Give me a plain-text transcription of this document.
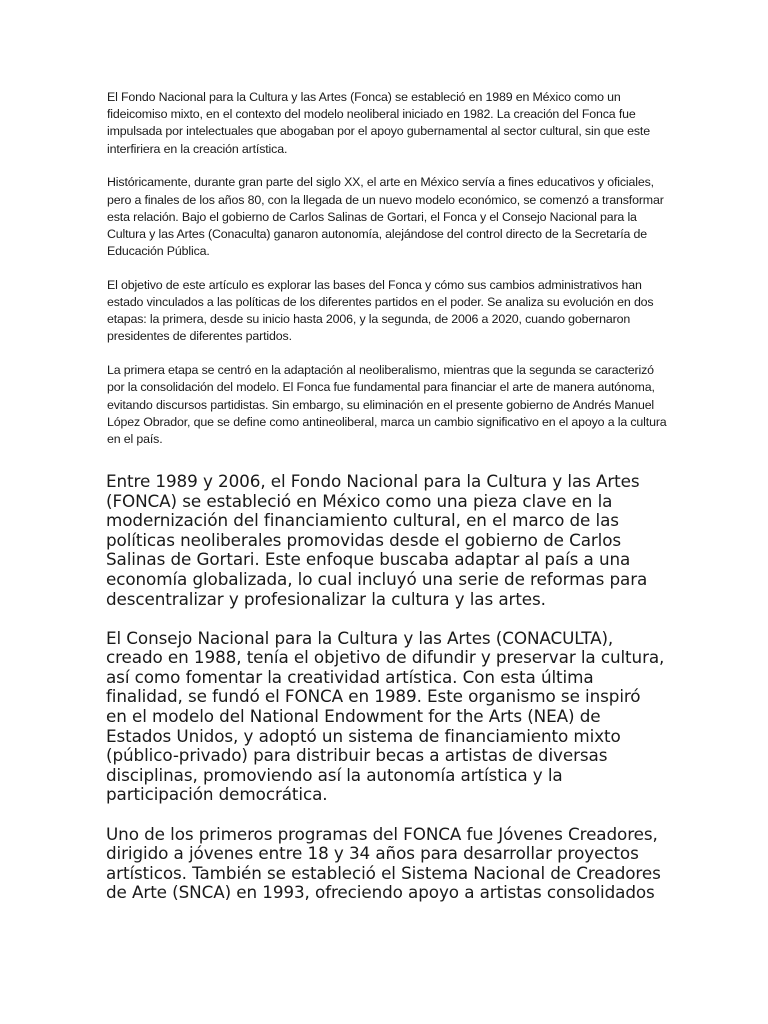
El Fondo Nacional para la Cultura y las Artes (Fonca) se estableció en 1989 en México como un fideicomiso mixto, en el contexto del modelo neoliberal iniciado en 1982. La creación del Fonca fue impulsada por intelectuales que abogaban por el apoyo gubernamental al sector cultural, sin que este interfiriera en la creación artística.

Históricamente, durante gran parte del siglo XX, el arte en México servía a fines educativos y oficiales, pero a finales de los años 80, con la llegada de un nuevo modelo económico, se comenzó a transformar esta relación. Bajo el gobierno de Carlos Salinas de Gortari, el Fonca y el Consejo Nacional para la Cultura y las Artes (Conaculta) ganaron autonomía, alejándose del control directo de la Secretaría de Educación Pública.

El objetivo de este artículo es explorar las bases del Fonca y cómo sus cambios administrativos han estado vinculados a las políticas de los diferentes partidos en el poder. Se analiza su evolución en dos etapas: la primera, desde su inicio hasta 2006, y la segunda, de 2006 a 2020, cuando gobernaron presidentes de diferentes partidos.

La primera etapa se centró en la adaptación al neoliberalismo, mientras que la segunda se caracterizó por la consolidación del modelo. El Fonca fue fundamental para financiar el arte de manera autónoma, evitando discursos partidistas. Sin embargo, su eliminación en el presente gobierno de Andrés Manuel López Obrador, que se define como antineoliberal, marca un cambio significativo en el apoyo a la cultura en el país.

Entre 1989 y 2006, el Fondo Nacional para la Cultura y las Artes (FONCA) se estableció en México como una pieza clave en la modernización del financiamiento cultural, en el marco de las políticas neoliberales promovidas desde el gobierno de Carlos Salinas de Gortari. Este enfoque buscaba adaptar al país a una economía globalizada, lo cual incluyó una serie de reformas para descentralizar y profesionalizar la cultura y las artes.

El Consejo Nacional para la Cultura y las Artes (CONACULTA), creado en 1988, tenía el objetivo de difundir y preservar la cultura, así como fomentar la creatividad artística. Con esta última finalidad, se fundó el FONCA en 1989. Este organismo se inspiró en el modelo del National Endowment for the Arts (NEA) de Estados Unidos, y adoptó un sistema de financiamiento mixto (público-privado) para distribuir becas a artistas de diversas disciplinas, promoviendo así la autonomía artística y la participación democrática.

Uno de los primeros programas del FONCA fue Jóvenes Creadores, dirigido a jóvenes entre 18 y 34 años para desarrollar proyectos artísticos. También se estableció el Sistema Nacional de Creadores de Arte (SNCA) en 1993, ofreciendo apoyo a artistas consolidados
